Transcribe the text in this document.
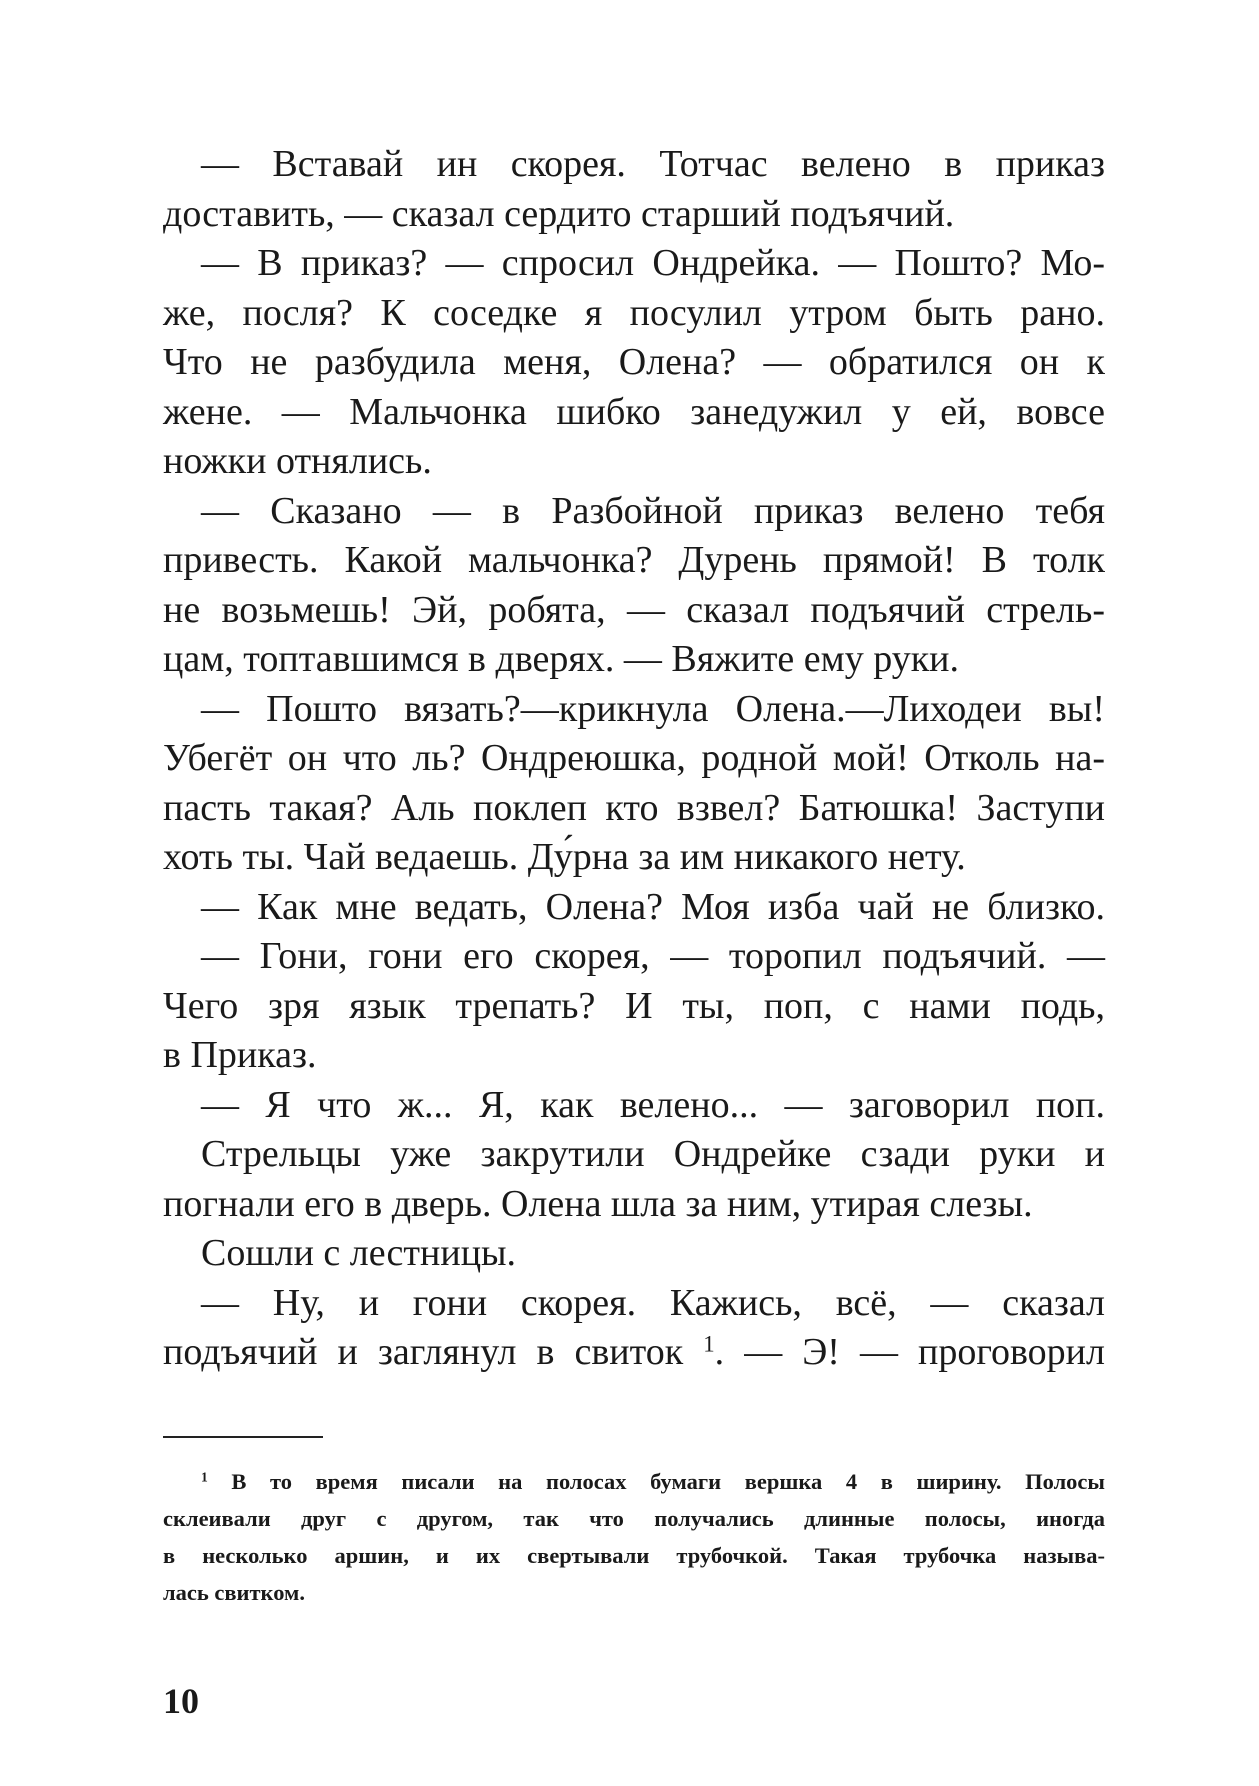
— Вставай ин скорея. Тотчас велено в приказ
доставить, — сказал сердито старший подъячий.
— В приказ? — спросил Ондрейка. — Пошто? Мо-
же, посля? К соседке я посулил утром быть рано.
Что не разбудила меня, Олена? — обратился он к
жене. — Мальчонка шибко занедужил у ей, вовсе
ножки отнялись.
— Сказано — в Разбойной приказ велено тебя
привесть. Какой мальчонка? Дурень прямой! В толк
не возьмешь! Эй, робята, — сказал подъячий стрель-
цам, топтавшимся в дверях. — Вяжите ему руки.
— Пошто вязать?—крикнула Олена.—Лиходеи вы!
Убегёт он что ль? Ондреюшка, родной мой! Отколь на-
пасть такая? Аль поклеп кто взвел? Батюшка! Заступи
хоть ты. Чай ведаешь. Ду́рна за им никакого нету.
— Как мне ведать, Олена? Моя изба чай не близко.
— Гони, гони его скорея, — торопил подъячий. —
Чего зря язык трепать? И ты, поп, с нами подь,
в Приказ.
— Я что ж... Я, как велено... — заговорил поп.
Стрельцы уже закрутили Ондрейке сзади руки и
погнали его в дверь. Олена шла за ним, утирая слезы.
Сошли с лестницы.
— Ну, и гони скорея. Кажись, всё, — сказал
подъячий и заглянул в свиток $^1$. — Э! — проговорил
$^1$ В то время писали на полосах бумаги вершка 4 в ширину. Полосы
склеивали друг с другом, так что получались длинные полосы, иногда
в несколько аршин, и их свертывали трубочкой. Такая трубочка называ-
лась свитком.
10
